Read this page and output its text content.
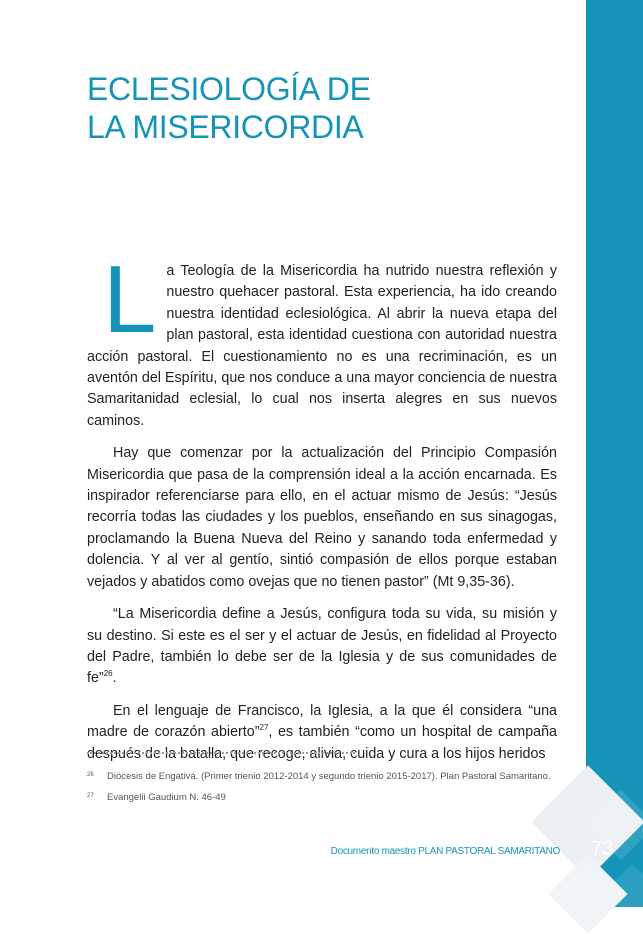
ECLESIOLOGÍA DE
LA MISERICORDIA

La Teología de la Misericordia ha nutrido nuestra reflexión y nuestro quehacer pastoral. Esta experiencia, ha ido creando nuestra identidad eclesiológica. Al abrir la nueva etapa del plan pastoral, esta identidad cuestiona con autoridad nuestra acción pastoral. El cuestionamiento no es una recriminación, es un aventón del Espíritu, que nos conduce a una mayor conciencia de nuestra Samaritanidad eclesial, lo cual nos inserta alegres en sus nuevos caminos.

Hay que comenzar por la actualización del Principio Compasión Misericordia que pasa de la comprensión ideal a la acción encarnada. Es inspirador referenciarse para ello, en el actuar mismo de Jesús: “Jesús recorría todas las ciudades y los pueblos, enseñando en sus sinagogas, proclamando la Buena Nueva del Reino y sanando toda enfermedad y dolencia. Y al ver al gentío, sintió compasión de ellos porque estaban vejados y abatidos como ovejas que no tienen pastor” (Mt 9,35-36).

“La Misericordia define a Jesús, configura toda su vida, su misión y su destino. Si este es el ser y el actuar de Jesús, en fidelidad al Proyecto del Padre, también lo debe ser de la Iglesia y de sus comunidades de fe”$^{26}$.

En el lenguaje de Francisco, la Iglesia, a la que él considera “una madre de corazón abierto”$^{27}$, es también “como un hospital de campaña después de la batalla, que recoge, alivia, cuida y cura a los hijos heridos

26 Diócesis de Engativá. (Primer trienio 2012-2014 y segundo trienio 2015-2017). Plan Pastoral Samaritano.
27 Evangelii Gaudium N. 46-49
Documento maestro PLAN PASTORAL SAMARITANO 73
